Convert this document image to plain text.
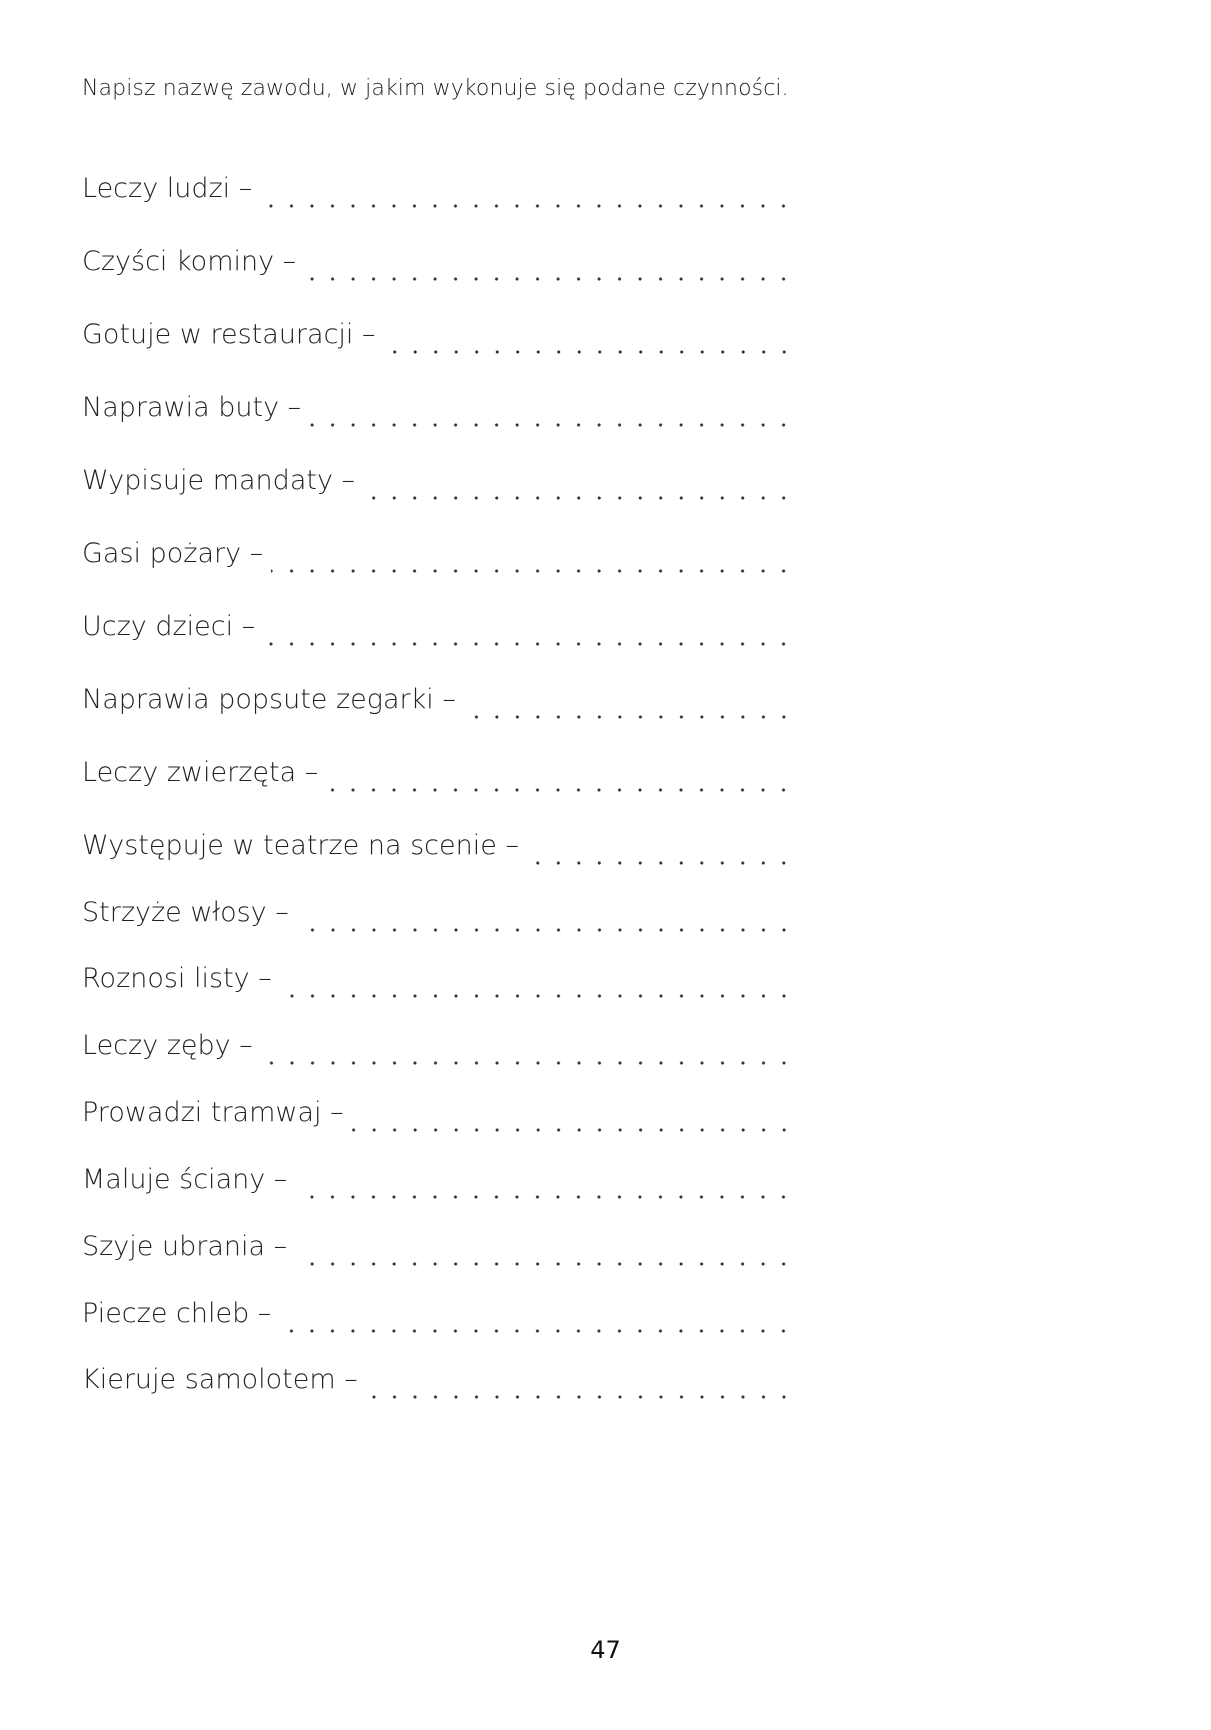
Napisz nazwę zawodu, w jakim wykonuje się podane czynności.
Leczy ludzi –
Czyści kominy –
Gotuje w restauracji –
Naprawia buty –
Wypisuje mandaty –
Gasi pożary –
Uczy dzieci –
Naprawia popsute zegarki –
Leczy zwierzęta –
Występuje w teatrze na scenie –
Strzyże włosy –
Roznosi listy –
Leczy zęby –
Prowadzi tramwaj –
Maluje ściany –
Szyje ubrania –
Piecze chleb –
Kieruje samolotem –
47
